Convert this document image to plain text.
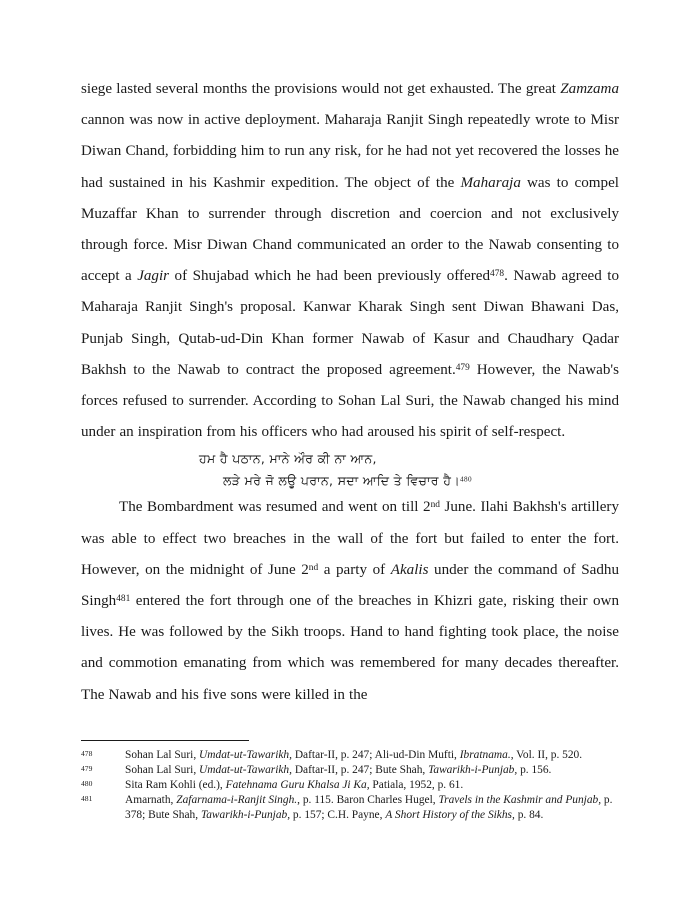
siege lasted several months the provisions would not get exhausted. The great Zamzama cannon was now in active deployment. Maharaja Ranjit Singh repeatedly wrote to Misr Diwan Chand, forbidding him to run any risk, for he had not yet recovered the losses he had sustained in his Kashmir expedition. The object of the Maharaja was to compel Muzaffar Khan to surrender through discretion and coercion and not exclusively through force. Misr Diwan Chand communicated an order to the Nawab consenting to accept a Jagir of Shujabad which he had been previously offered$^{478}$. Nawab agreed to Maharaja Ranjit Singh's proposal. Kanwar Kharak Singh sent Diwan Bhawani Das, Punjab Singh, Qutab-ud-Din Khan former Nawab of Kasur and Chaudhary Qadar Bakhsh to the Nawab to contract the proposed agreement.$^{479}$ However, the Nawab's forces refused to surrender. According to Sohan Lal Suri, the Nawab changed his mind under an inspiration from his officers who had aroused his spirit of self-respect.

ਹਮ ਹੈ ਪਠਾਨ, ਮਾਨੇ ਔਰ ਕੀ ਨਾ ਆਨ,
ਲੜੇ ਮਰੇ ਜੋ ਲਊ ਪਰਾਨ, ਸਦਾ ਆਦਿ ਤੇ ਵਿਚਾਰ ਹੈ।$^{480}$

The Bombardment was resumed and went on till 2nd June. Ilahi Bakhsh's artillery was able to effect two breaches in the wall of the fort but failed to enter the fort. However, on the midnight of June 2nd a party of Akalis under the command of Sadhu Singh$^{481}$ entered the fort through one of the breaches in Khizri gate, risking their own lives. He was followed by the Sikh troops. Hand to hand fighting took place, the noise and commotion emanating from which was remembered for many decades thereafter. The Nawab and his five sons were killed in the

478	Sohan Lal Suri, Umdat-ut-Tawarikh, Daftar-II, p. 247; Ali-ud-Din Mufti, Ibratnama., Vol. II, p. 520.
479	Sohan Lal Suri, Umdat-ut-Tawarikh, Daftar-II, p. 247; Bute Shah, Tawarikh-i-Punjab, p. 156.
480	Sita Ram Kohli (ed.), Fatehnama Guru Khalsa Ji Ka, Patiala, 1952, p. 61.
481	Amarnath, Zafarnama-i-Ranjit Singh., p. 115. Baron Charles Hugel, Travels in the Kashmir and Punjab, p. 378; Bute Shah, Tawarikh-i-Punjab, p. 157; C.H. Payne, A Short History of the Sikhs, p. 84.
